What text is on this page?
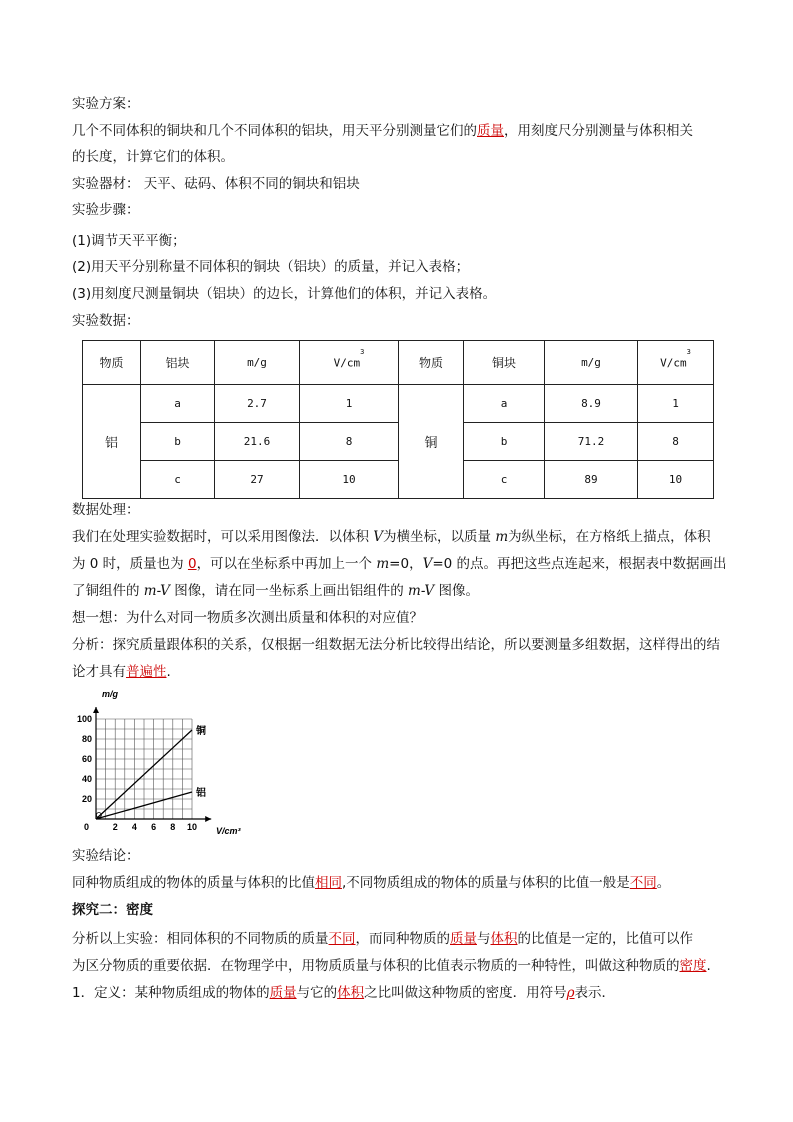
实验方案：
几个不同体积的铜块和几个不同体积的铝块，用天平分别测量它们的质量，用刻度尺分别测量与体积相关
的长度，计算它们的体积。
实验器材： 天平、砝码、体积不同的铜块和铝块
实验步骤：
(1)调节天平平衡；
(2)用天平分别称量不同体积的铜块（铝块）的质量，并记入表格；
(3)用刻度尺测量铜块（铝块）的边长，计算他们的体积，并记入表格。
实验数据：
物质	铝块	m/g	$V/cm^3$	物质	铜块	m/g	$V/cm^3$
铝	a	2.7	1	铜	a	8.9	1
	b	21.6	8		b	71.2	8
	c	27	10		c	89	10
数据处理：
我们在处理实验数据时，可以采用图像法．以体积 V为横坐标，以质量 m为纵坐标，在方格纸上描点，体积
为 0 时，质量也为 0，可以在坐标系中再加上一个 m=0，V=0 的点。再把这些点连起来，根据表中数据画出
了铜组件的 m-V 图像，请在同一坐标系上画出铝组件的 m-V 图像。
想一想：为什么对同一物质多次测出质量和体积的对应值？
分析：探究质量跟体积的关系，仅根据一组数据无法分析比较得出结论，所以要测量多组数据，这样得出的结
论才具有普遍性.
2 4 6 8 10
20
40
60
80
100
铜
铝
m/g
V/cm³
0
实验结论：
同种物质组成的物体的质量与体积的比值相同,不同物质组成的物体的质量与体积的比值一般是不同。
探究二：密度
分析以上实验：相同体积的不同物质的质量不同，而同种物质的质量与体积的比值是一定的，比值可以作
为区分物质的重要依据．在物理学中，用物质质量与体积的比值表示物质的一种特性，叫做这种物质的密度.
1．定义：某种物质组成的物体的质量与它的体积之比叫做这种物质的密度．用符号ρ表示．
